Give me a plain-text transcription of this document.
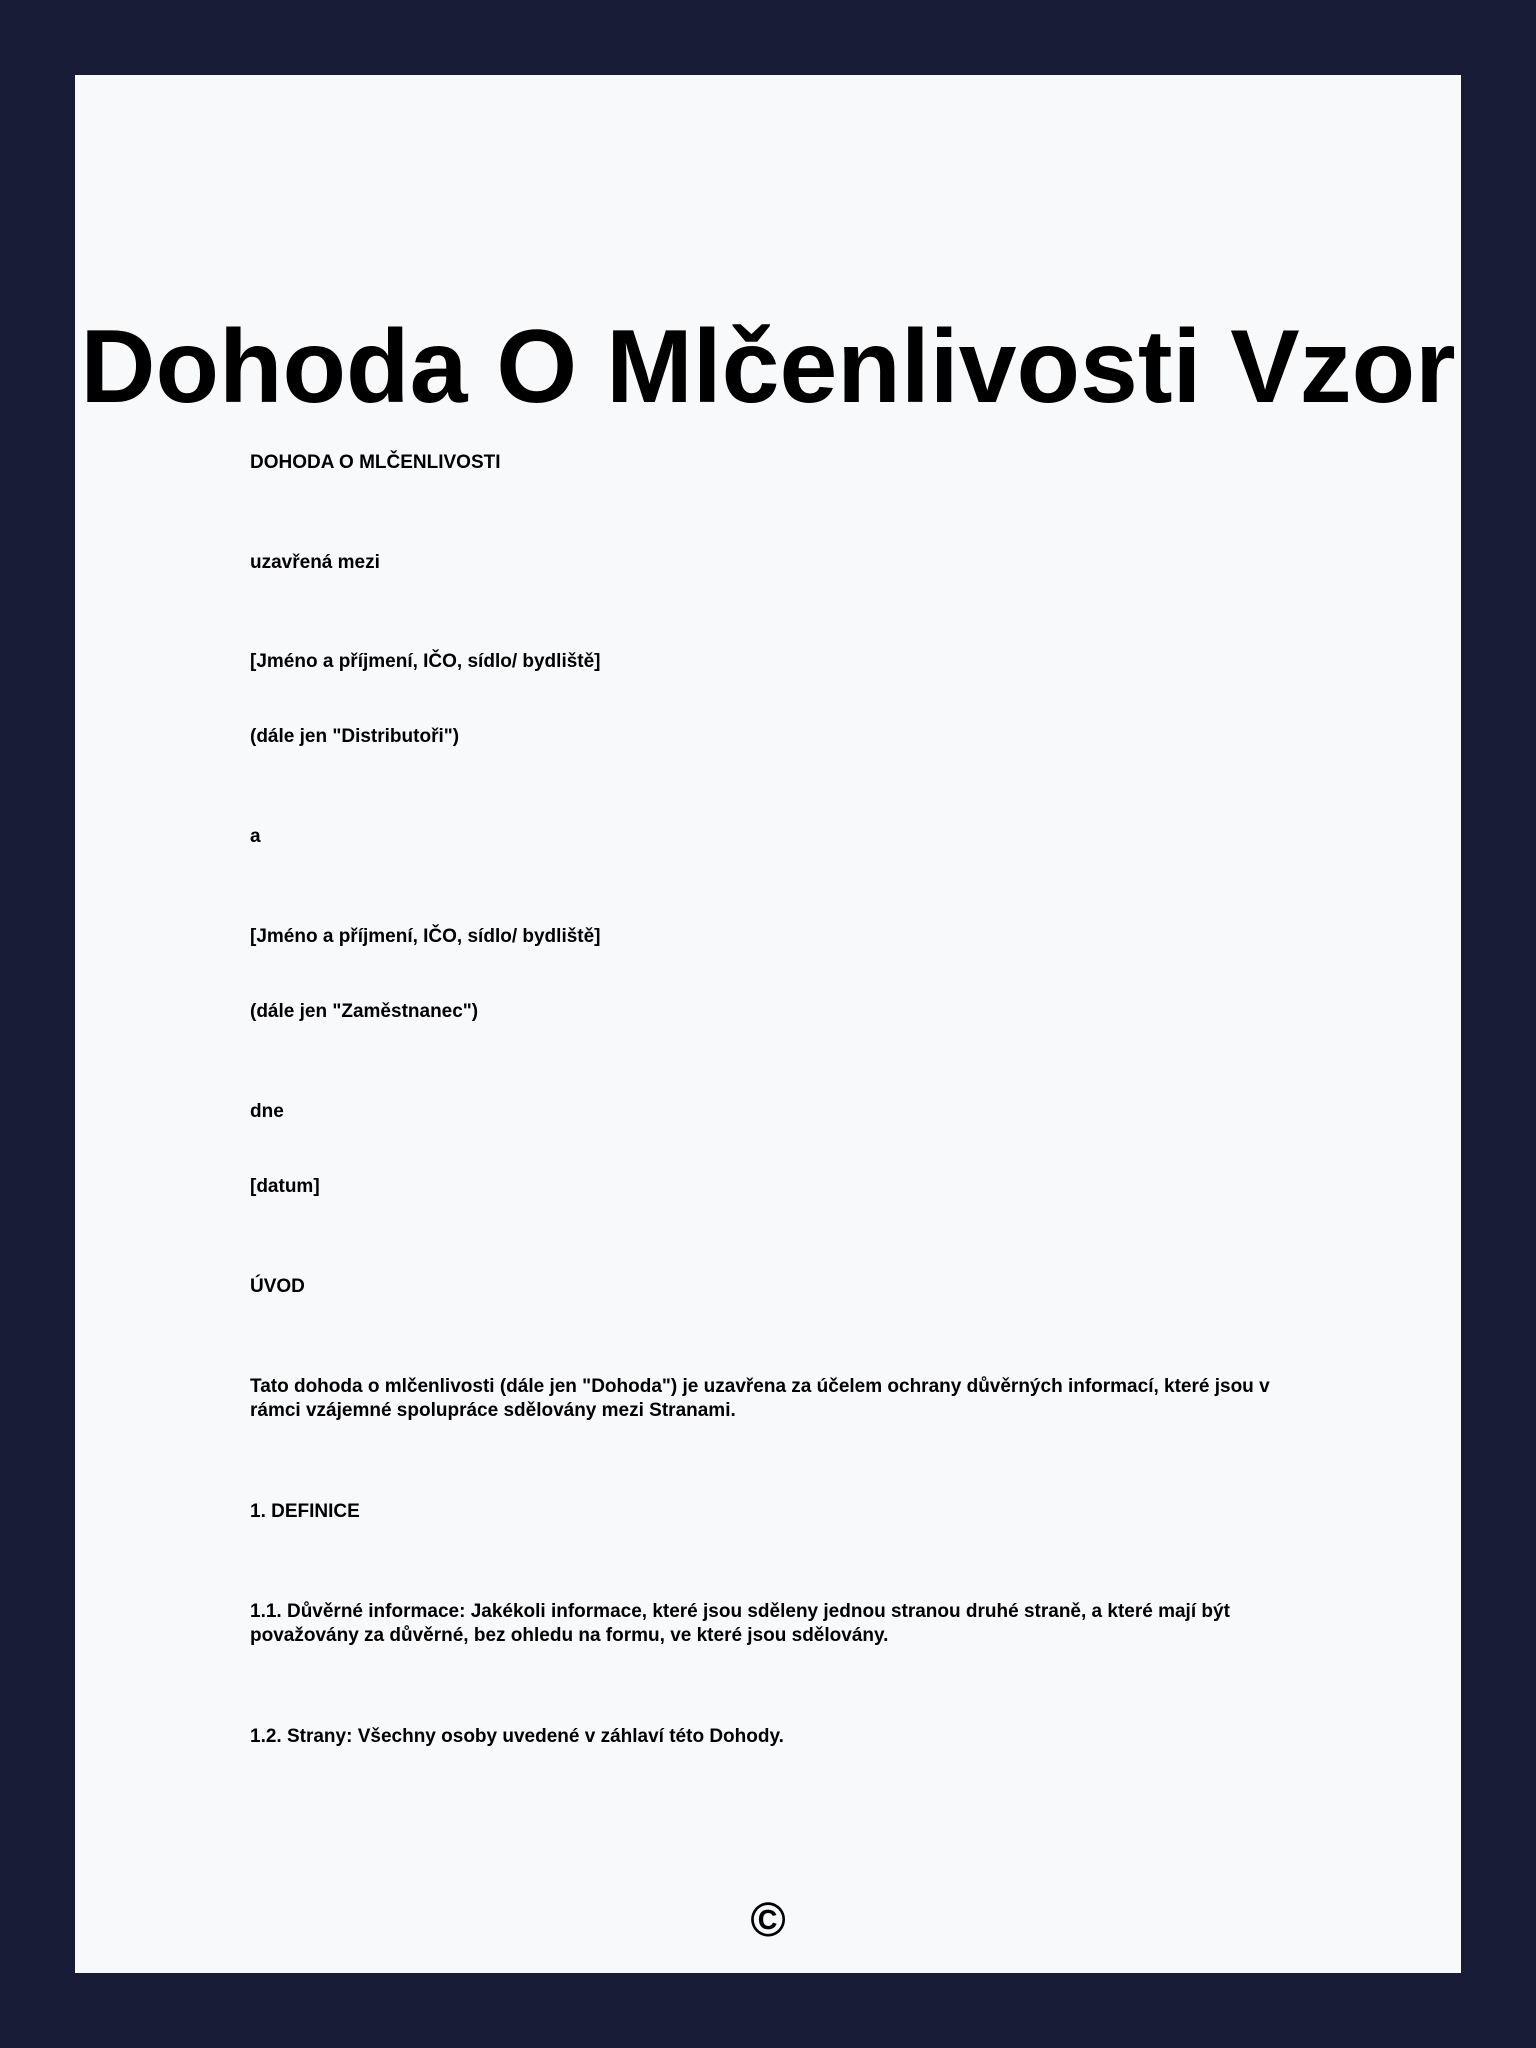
Dohoda O Mlčenlivosti Vzor

DOHODA O MLČENLIVOSTI

uzavřená mezi

[Jméno a příjmení, IČO, sídlo/ bydliště]

(dále jen "Distributoři")

a

[Jméno a příjmení, IČO, sídlo/ bydliště]

(dále jen "Zaměstnanec")

dne

[datum]

ÚVOD

Tato dohoda o mlčenlivosti (dále jen "Dohoda") je uzavřena za účelem ochrany důvěrných informací, které jsou v rámci vzájemné spolupráce sdělovány mezi Stranami.

1. DEFINICE

1.1. Důvěrné informace: Jakékoli informace, které jsou sděleny jednou stranou druhé straně, a které mají být považovány za důvěrné, bez ohledu na formu, ve které jsou sdělovány.

1.2. Strany: Všechny osoby uvedené v záhlaví této Dohody.

©
